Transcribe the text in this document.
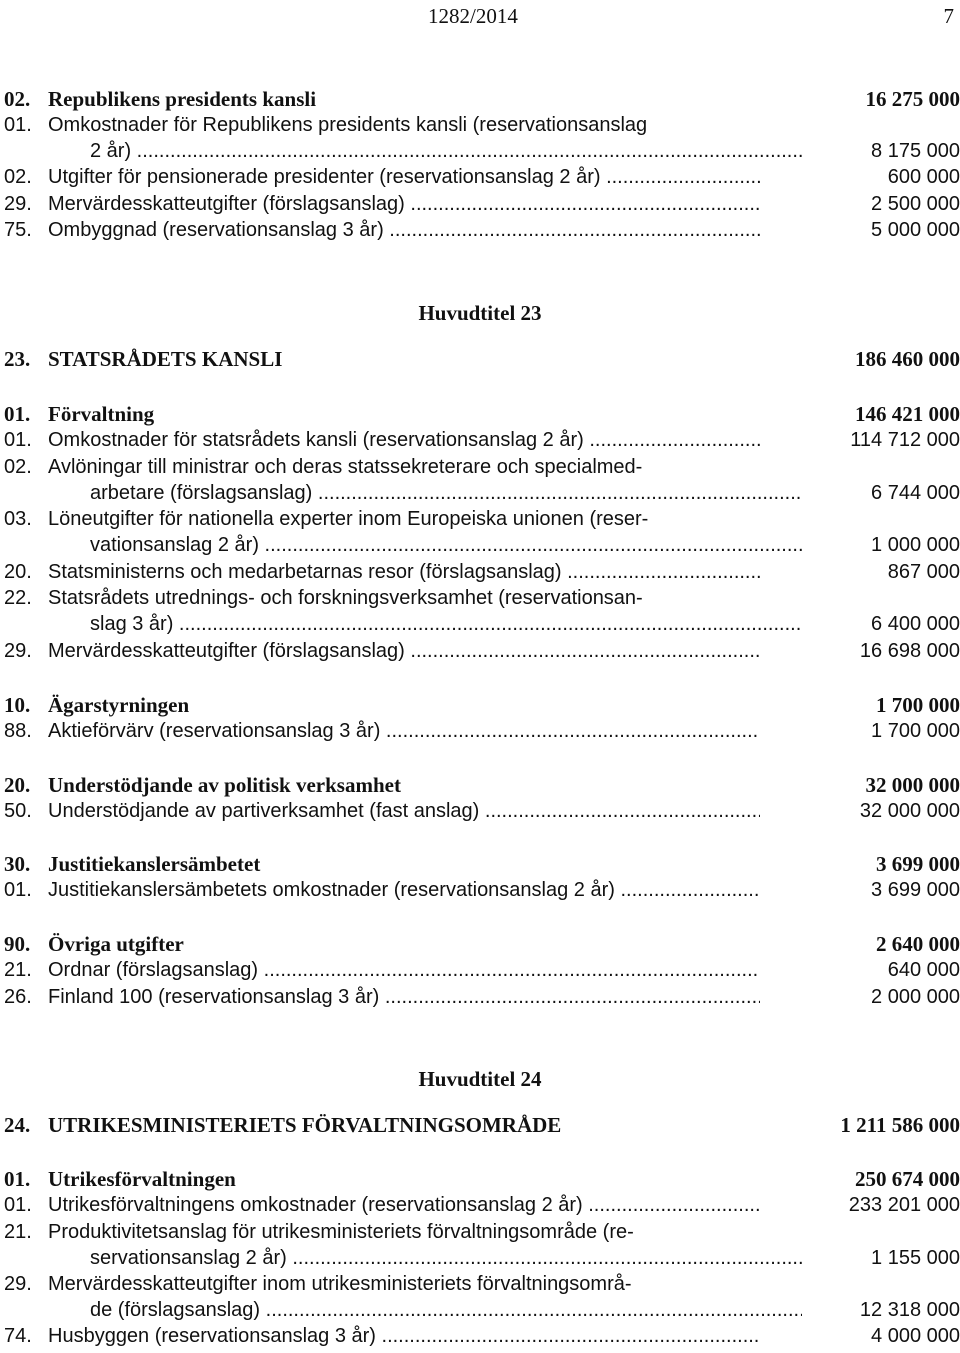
1282/2014	7
02. Republikens presidents kansli	16 275 000
01. Omkostnader för Republikens presidents kansli (reservationsanslag
2 år) .....	8 175 000
02. Utgifter för pensionerade presidenter (reservationsanslag 2 år) .....	600 000
29. Mervärdesskatteutgifter (förslagsanslag) .....	2 500 000
75. Ombyggnad (reservationsanslag 3 år) .....	5 000 000
Huvudtitel 23
23. STATSRÅDETS KANSLI	186 460 000
01. Förvaltning	146 421 000
01. Omkostnader för statsrådets kansli (reservationsanslag 2 år) .....	114 712 000
02. Avlöningar till ministrar och deras statssekreterare och specialmed-
arbetare (förslagsanslag) .....	6 744 000
03. Löneutgifter för nationella experter inom Europeiska unionen (reser-
vationsanslag 2 år) .....	1 000 000
20. Statsministerns och medarbetarnas resor (förslagsanslag) .....	867 000
22. Statsrådets utrednings- och forskningsverksamhet (reservationsan-
slag 3 år) .....	6 400 000
29. Mervärdesskatteutgifter (förslagsanslag) .....	16 698 000
10. Ägarstyrningen	1 700 000
88. Aktieförvärv (reservationsanslag 3 år) .....	1 700 000
20. Understödjande av politisk verksamhet	32 000 000
50. Understödjande av partiverksamhet (fast anslag) .....	32 000 000
30. Justitiekanslersämbetet	3 699 000
01. Justitiekanslersämbetets omkostnader (reservationsanslag 2 år) .....	3 699 000
90. Övriga utgifter	2 640 000
21. Ordnar (förslagsanslag) .....	640 000
26. Finland 100 (reservationsanslag 3 år) .....	2 000 000
Huvudtitel 24
24. UTRIKESMINISTERIETS FÖRVALTNINGSOMRÅDE	1 211 586 000
01. Utrikesförvaltningen	250 674 000
01. Utrikesförvaltningens omkostnader (reservationsanslag 2 år) .....	233 201 000
21. Produktivitetsanslag för utrikesministeriets förvaltningsområde (re-
servationsanslag 2 år) .....	1 155 000
29. Mervärdesskatteutgifter inom utrikesministeriets förvaltningsområ-
de (förslagsanslag) .....	12 318 000
74. Husbyggen (reservationsanslag 3 år) .....	4 000 000
